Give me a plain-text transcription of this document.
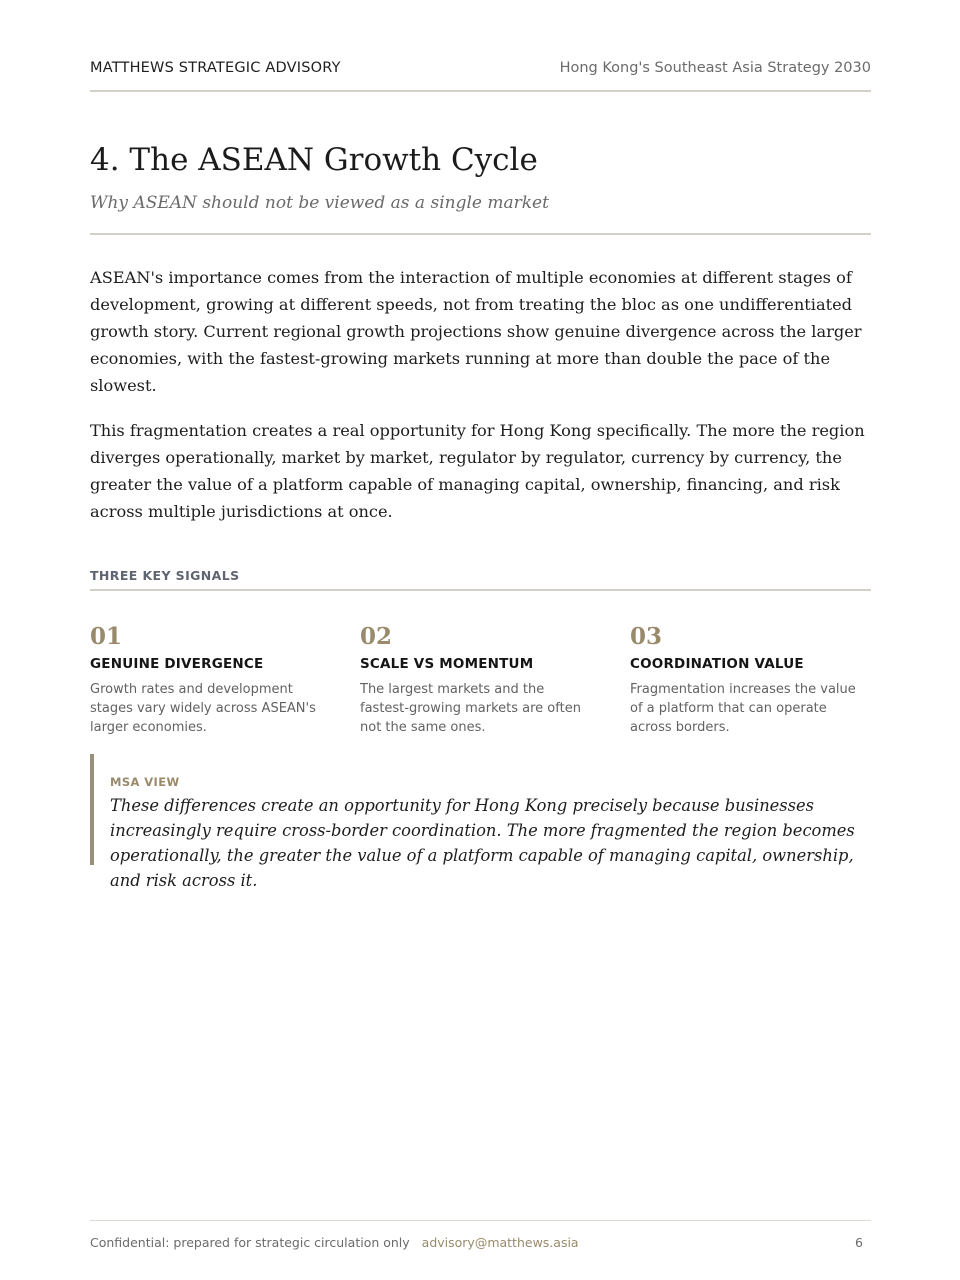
MATTHEWS STRATEGIC ADVISORY	Hong Kong's Southeast Asia Strategy 2030
4. The ASEAN Growth Cycle

Why ASEAN should not be viewed as a single market

ASEAN's importance comes from the interaction of multiple economies at different stages of development, growing at different speeds, not from treating the bloc as one undifferentiated growth story. Current regional growth projections show genuine divergence across the larger economies, with the fastest-growing markets running at more than double the pace of the slowest.

This fragmentation creates a real opportunity for Hong Kong specifically. The more the region diverges operationally, market by market, regulator by regulator, currency by currency, the greater the value of a platform capable of managing capital, ownership, financing, and risk across multiple jurisdictions at once.

THREE KEY SIGNALS
01
GENUINE DIVERGENCE
Growth rates and development stages vary widely across ASEAN's larger economies.
02
SCALE VS MOMENTUM
The largest markets and the fastest-growing markets are often not the same ones.
03
COORDINATION VALUE
Fragmentation increases the value of a platform that can operate across borders.
MSA VIEW

These differences create an opportunity for Hong Kong precisely because businesses increasingly require cross-border coordination. The more fragmented the region becomes operationally, the greater the value of a platform capable of managing capital, ownership, and risk across it.

Confidential: prepared for strategic circulation only advisory@matthews.asia	6
